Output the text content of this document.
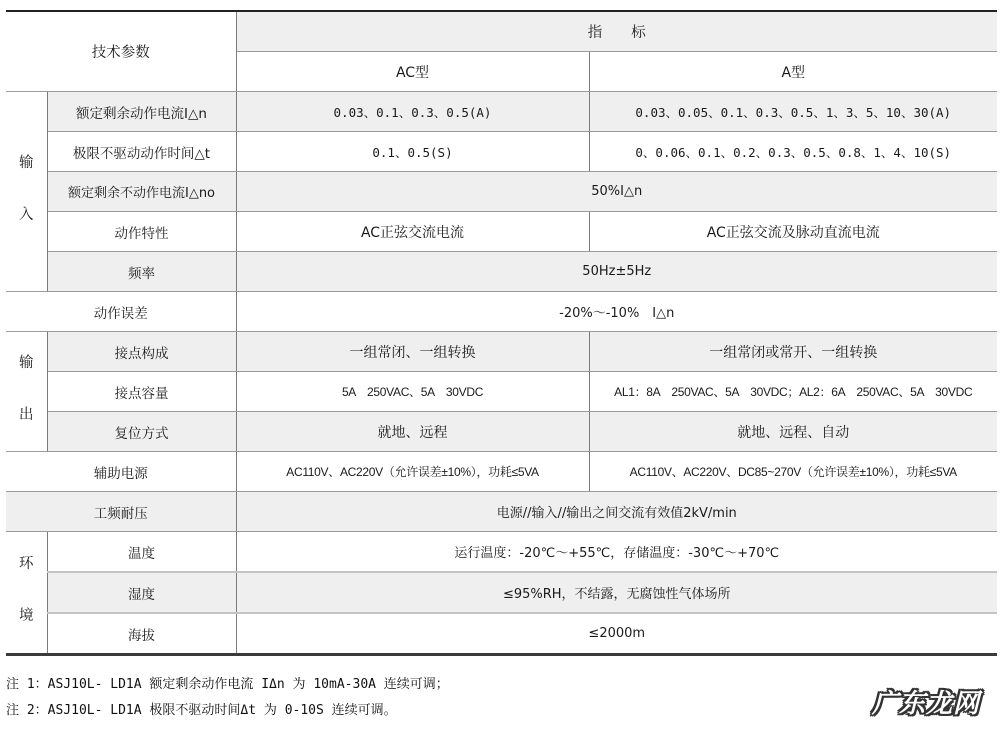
技术参数		指　　标	
		AC型	A型
输

入	额定剩余动作电流I△n	0.03、0.1、0.3、0.5(A)	0.03、0.05、0.1、0.3、0.5、1、3、5、10、30(A)
	极限不驱动动作时间△t	0.1、0.5(S)	0、0.06、0.1、0.2、0.3、0.5、0.8、1、4、10(S)
	额定剩余不动作电流I△no	50%I△n	
	动作特性	AC正弦交流电流	AC正弦交流及脉动直流电流
	频率	50Hz±5Hz	
动作误差		-20%～-10%　I△n	
输

出	接点构成	一组常闭、一组转换	一组常闭或常开、一组转换
	接点容量	5A　250VAC、5A　30VDC	AL1：8A　250VAC、5A　30VDC；AL2：6A　250VAC、5A　30VDC
	复位方式	就地、远程	就地、远程、自动
辅助电源		AC110V、AC220V（允许误差±10%），功耗≤5VA	AC110V、AC220V、DC85~270V（允许误差±10%），功耗≤5VA
工频耐压		电源//输入//输出之间交流有效值2kV/min	
环

境	温度	运行温度：-20℃～+55℃，存储温度：-30℃～+70℃	
	湿度	≤95%RH，不结露，无腐蚀性气体场所	
	海拔	≤2000m	
注 1：ASJ10L- LD1A 额定剩余动作电流 IΔn 为 10mA-30A 连续可调；
注 2：ASJ10L- LD1A 极限不驱动时间Δt 为 0-10S 连续可调。	广东龙网
